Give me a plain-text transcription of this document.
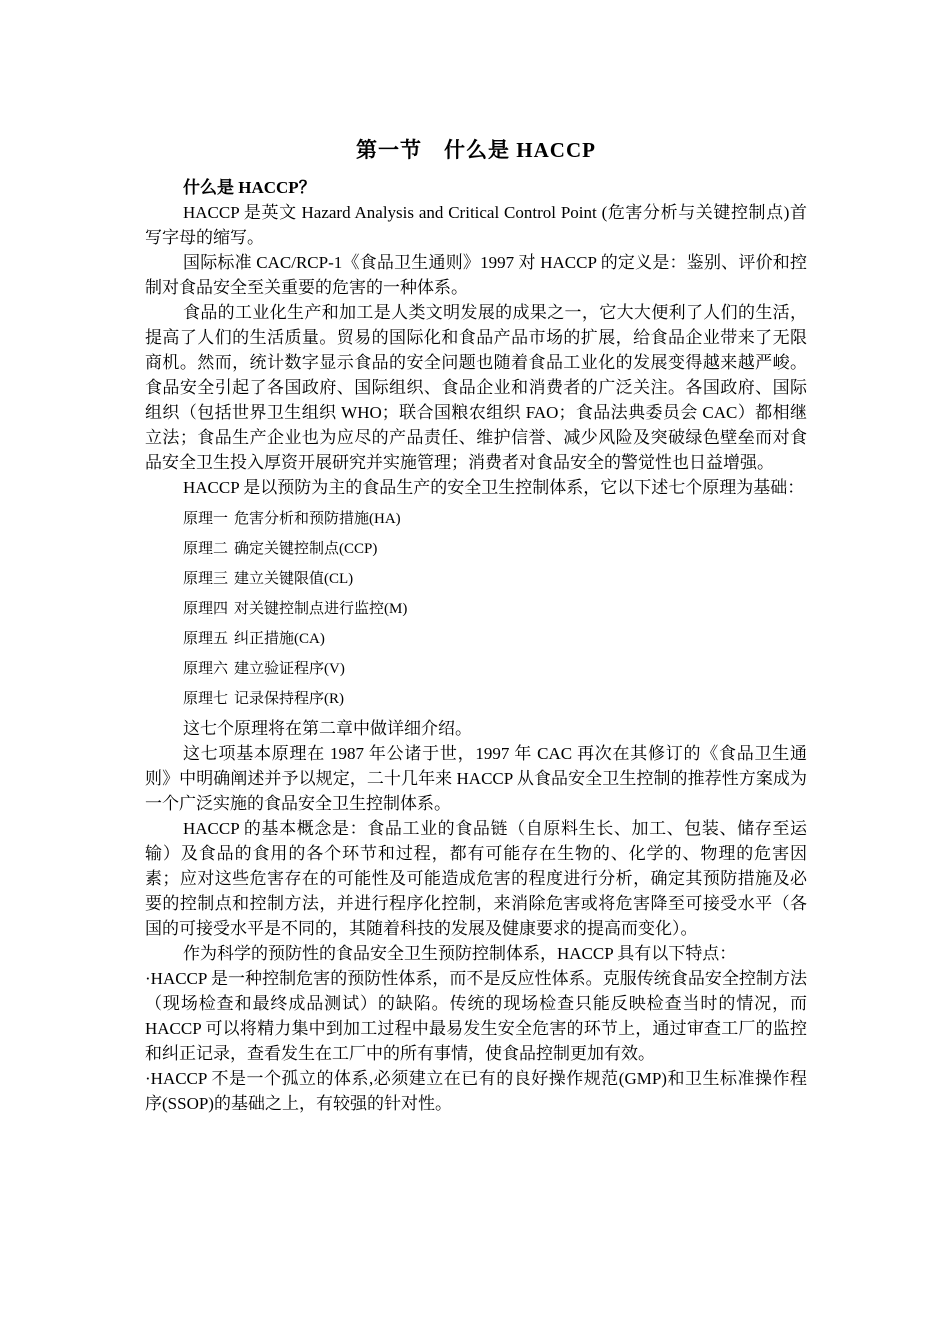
第一节　什么是 HACCP
什么是 HACCP？

HACCP 是英文 Hazard Analysis and Critical Control Point (危害分析与关键控制点)首写字母的缩写。

国际标准 CAC/RCP-1《食品卫生通则》1997 对 HACCP 的定义是：鉴别、评价和控制对食品安全至关重要的危害的一种体系。

食品的工业化生产和加工是人类文明发展的成果之一，它大大便利了人们的生活，提高了人们的生活质量。贸易的国际化和食品产品市场的扩展，给食品企业带来了无限商机。然而，统计数字显示食品的安全问题也随着食品工业化的发展变得越来越严峻。食品安全引起了各国政府、国际组织、食品企业和消费者的广泛关注。各国政府、国际组织（包括世界卫生组织 WHO；联合国粮农组织 FAO；食品法典委员会 CAC）都相继立法；食品生产企业也为应尽的产品责任、维护信誉、减少风险及突破绿色壁垒而对食品安全卫生投入厚资开展研究并实施管理；消费者对食品安全的警觉性也日益增强。

HACCP 是以预防为主的食品生产的安全卫生控制体系，它以下述七个原理为基础：

原理一 危害分析和预防措施(HA)
原理二 确定关键控制点(CCP)
原理三 建立关键限值(CL)
原理四 对关键控制点进行监控(M)
原理五 纠正措施(CA)
原理六 建立验证程序(V)
原理七 记录保持程序(R)

这七个原理将在第二章中做详细介绍。

这七项基本原理在 1987 年公诸于世，1997 年 CAC 再次在其修订的《食品卫生通则》中明确阐述并予以规定，二十几年来 HACCP 从食品安全卫生控制的推荐性方案成为一个广泛实施的食品安全卫生控制体系。

HACCP 的基本概念是：食品工业的食品链（自原料生长、加工、包装、储存至运输）及食品的食用的各个环节和过程，都有可能存在生物的、化学的、物理的危害因素；应对这些危害存在的可能性及可能造成危害的程度进行分析，确定其预防措施及必要的控制点和控制方法，并进行程序化控制，来消除危害或将危害降至可接受水平（各国的可接受水平是不同的，其随着科技的发展及健康要求的提高而变化）。

作为科学的预防性的食品安全卫生预防控制体系，HACCP 具有以下特点：

·HACCP 是一种控制危害的预防性体系，而不是反应性体系。克服传统食品安全控制方法（现场检查和最终成品测试）的缺陷。传统的现场检查只能反映检查当时的情况，而 HACCP 可以将精力集中到加工过程中最易发生安全危害的环节上，通过审查工厂的监控和纠正记录，查看发生在工厂中的所有事情，使食品控制更加有效。

·HACCP 不是一个孤立的体系,必须建立在已有的良好操作规范(GMP)和卫生标准操作程序(SSOP)的基础之上，有较强的针对性。
